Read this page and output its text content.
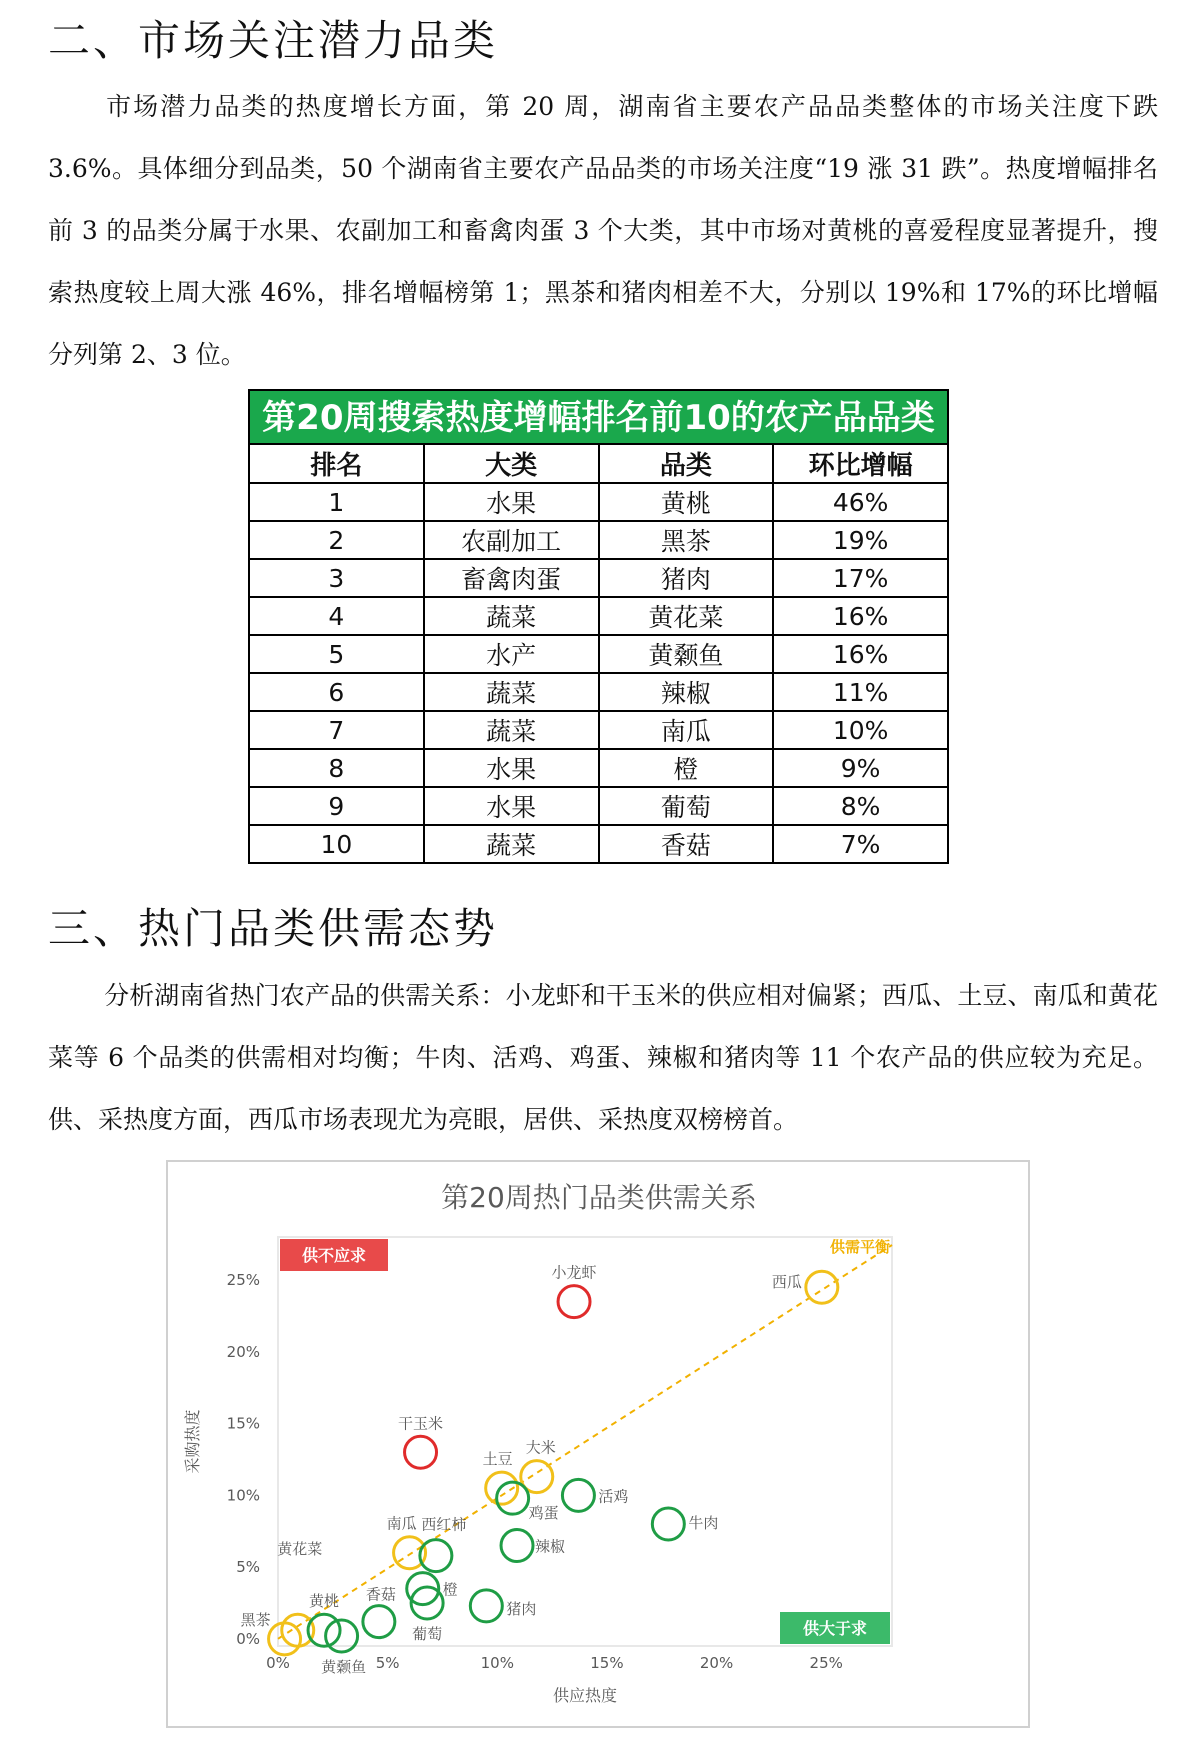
二、市场关注潜力品类

市场潜力品类的热度增长方面，第 20 周，湖南省主要农产品品类整体的市场关注度下跌 3.6%。具体细分到品类，50 个湖南省主要农产品品类的市场关注度“19 涨 31 跌”。热度增幅排名前 3 的品类分属于水果、农副加工和畜禽肉蛋 3 个大类，其中市场对黄桃的喜爱程度显著提升，搜索热度较上周大涨 46%，排名增幅榜第 1；黑茶和猪肉相差不大，分别以 19%和 17%的环比增幅分列第 2、3 位。

第20周搜索热度增幅排名前10的农产品品类
排名	大类	品类	环比增幅
1	水果	黄桃	46%
2	农副加工	黑茶	19%
3	畜禽肉蛋	猪肉	17%
4	蔬菜	黄花菜	16%
5	水产	黄颡鱼	16%
6	蔬菜	辣椒	11%
7	蔬菜	南瓜	10%
8	水果	橙	9%
9	水果	葡萄	8%
10	蔬菜	香菇	7%
三、热门品类供需态势

分析湖南省热门农产品的供需关系：小龙虾和干玉米的供应相对偏紧；西瓜、土豆、南瓜和黄花菜等 6 个品类的供需相对均衡；牛肉、活鸡、鸡蛋、辣椒和猪肉等 11 个农产品的供应较为充足。供、采热度方面，西瓜市场表现尤为亮眼，居供、采热度双榜榜首。

第20周热门品类供需关系
供不应求
供大于求
供需平衡
0%	5%	10%	15%	20%	25%
0%
5%
10%
15%
20%
25%
供应热度
采购热度
小龙虾
干玉米
西瓜
大米
土豆
南瓜
黄花菜
黑茶
活鸡
鸡蛋
牛肉
西红柿
辣椒
橙
葡萄
猪肉
香菇
黄桃
黄颡鱼
